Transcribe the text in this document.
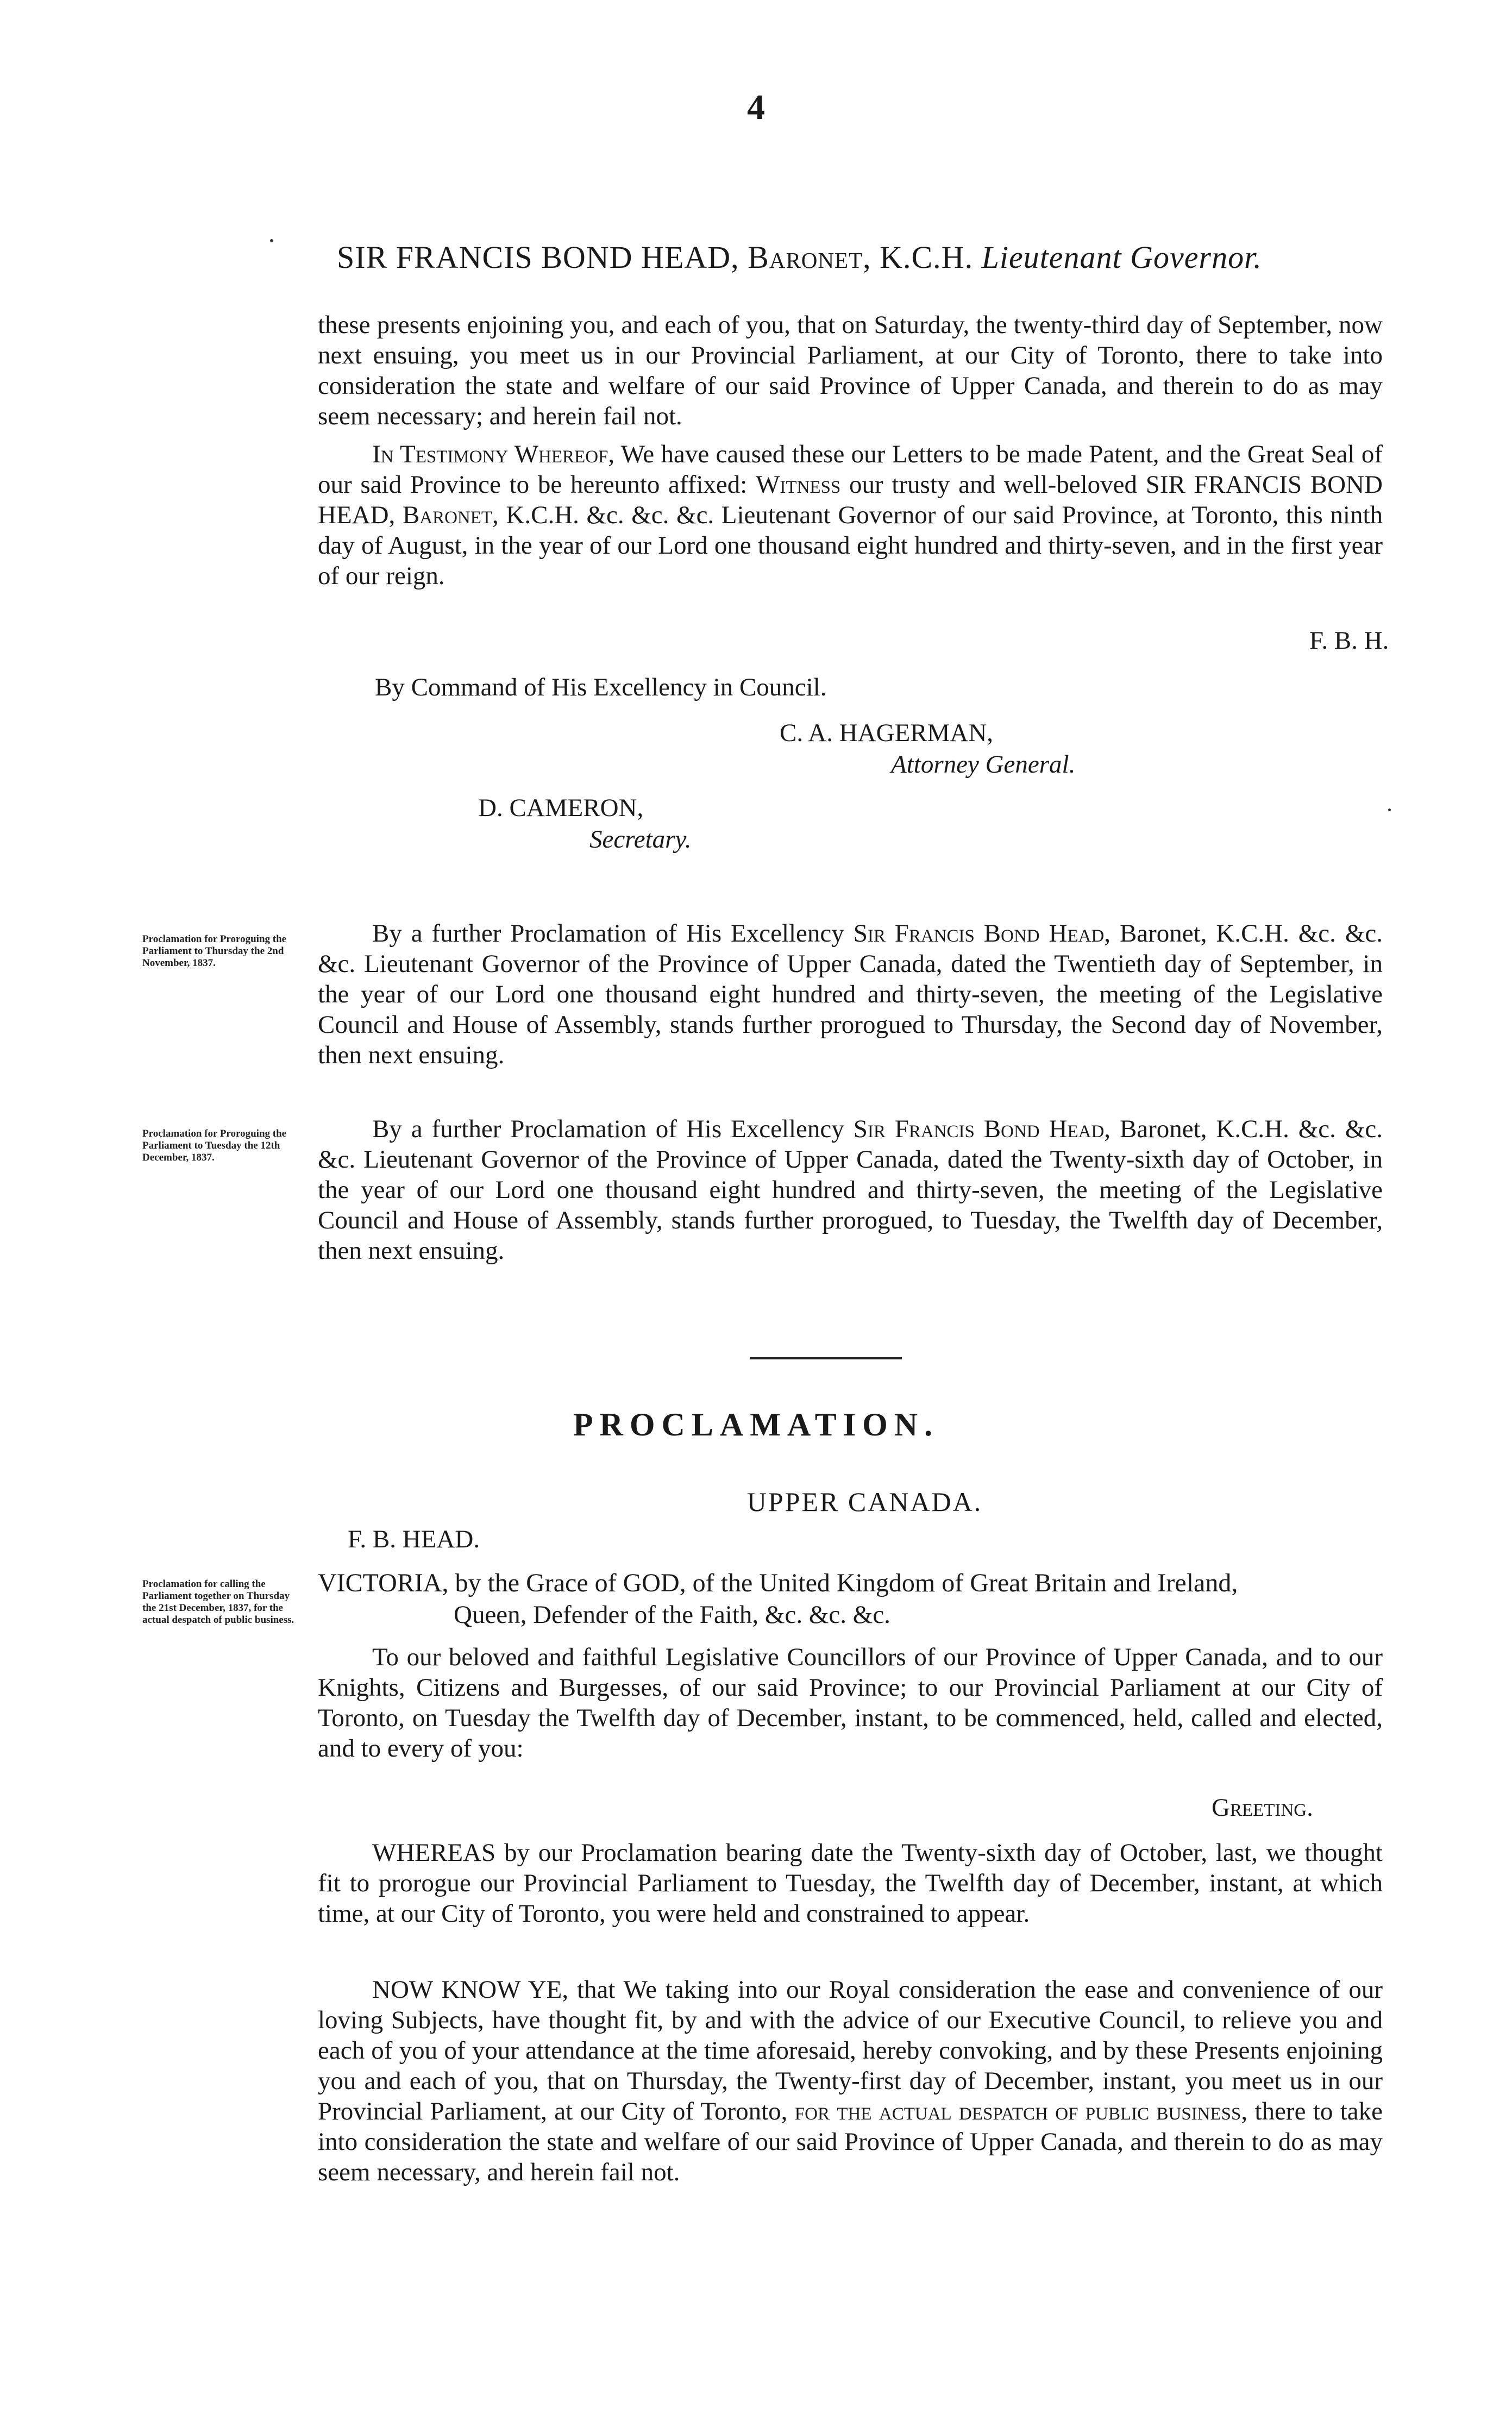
4
SIR FRANCIS BOND HEAD, Baronet, K.C.H. Lieutenant Governor.

these presents enjoining you, and each of you, that on Saturday, the twenty-third day of September, now next ensuing, you meet us in our Provincial Parliament, at our City of Toronto, there to take into consideration the state and welfare of our said Province of Upper Canada, and therein to do as may seem necessary; and herein fail not.

In Testimony Whereof, We have caused these our Letters to be made Patent, and the Great Seal of our said Province to be hereunto affixed: Witness our trusty and well-beloved SIR FRANCIS BOND HEAD, Baronet, K.C.H. &c. &c. &c. Lieutenant Governor of our said Province, at Toronto, this ninth day of August, in the year of our Lord one thousand eight hundred and thirty-seven, and in the first year of our reign.

F. B. H.
By Command of His Excellency in Council.
C. A. HAGERMAN,
Attorney General.
D. CAMERON,
Secretary.
Proclamation for Proroguing the Parliament to Thursday the 2nd November, 1837.
By a further Proclamation of His Excellency Sir Francis Bond Head, Baronet, K.C.H. &c. &c. &c. Lieutenant Governor of the Province of Upper Canada, dated the Twentieth day of September, in the year of our Lord one thousand eight hundred and thirty-seven, the meeting of the Legislative Council and House of Assembly, stands further prorogued to Thursday, the Second day of November, then next ensuing.
Proclamation for Proroguing the Parliament to Tuesday the 12th December, 1837.
By a further Proclamation of His Excellency Sir Francis Bond Head, Baronet, K.C.H. &c. &c. &c. Lieutenant Governor of the Province of Upper Canada, dated the Twenty-sixth day of October, in the year of our Lord one thousand eight hundred and thirty-seven, the meeting of the Legislative Council and House of Assembly, stands further prorogued, to Tuesday, the Twelfth day of December, then next ensuing.
PROCLAMATION.
UPPER CANADA.
F. B. HEAD.
Proclamation for calling the Parliament together on Thursday the 21st December, 1837, for the actual despatch of public business.
VICTORIA, by the Grace of GOD, of the United Kingdom of Great Britain and Ireland,
Queen, Defender of the Faith, &c. &c. &c.
To our beloved and faithful Legislative Councillors of our Province of Upper Canada, and to our Knights, Citizens and Burgesses, of our said Province; to our Provincial Parliament at our City of Toronto, on Tuesday the Twelfth day of December, instant, to be commenced, held, called and elected, and to every of you:
Greeting.
WHEREAS by our Proclamation bearing date the Twenty-sixth day of October, last, we thought fit to prorogue our Provincial Parliament to Tuesday, the Twelfth day of December, instant, at which time, at our City of Toronto, you were held and constrained to appear.
NOW KNOW YE, that We taking into our Royal consideration the ease and convenience of our loving Subjects, have thought fit, by and with the advice of our Executive Council, to relieve you and each of you of your attendance at the time aforesaid, hereby convoking, and by these Presents enjoining you and each of you, that on Thursday, the Twenty-first day of December, instant, you meet us in our Provincial Parliament, at our City of Toronto, for the actual despatch of public business, there to take into consideration the state and welfare of our said Province of Upper Canada, and therein to do as may seem necessary, and herein fail not.
